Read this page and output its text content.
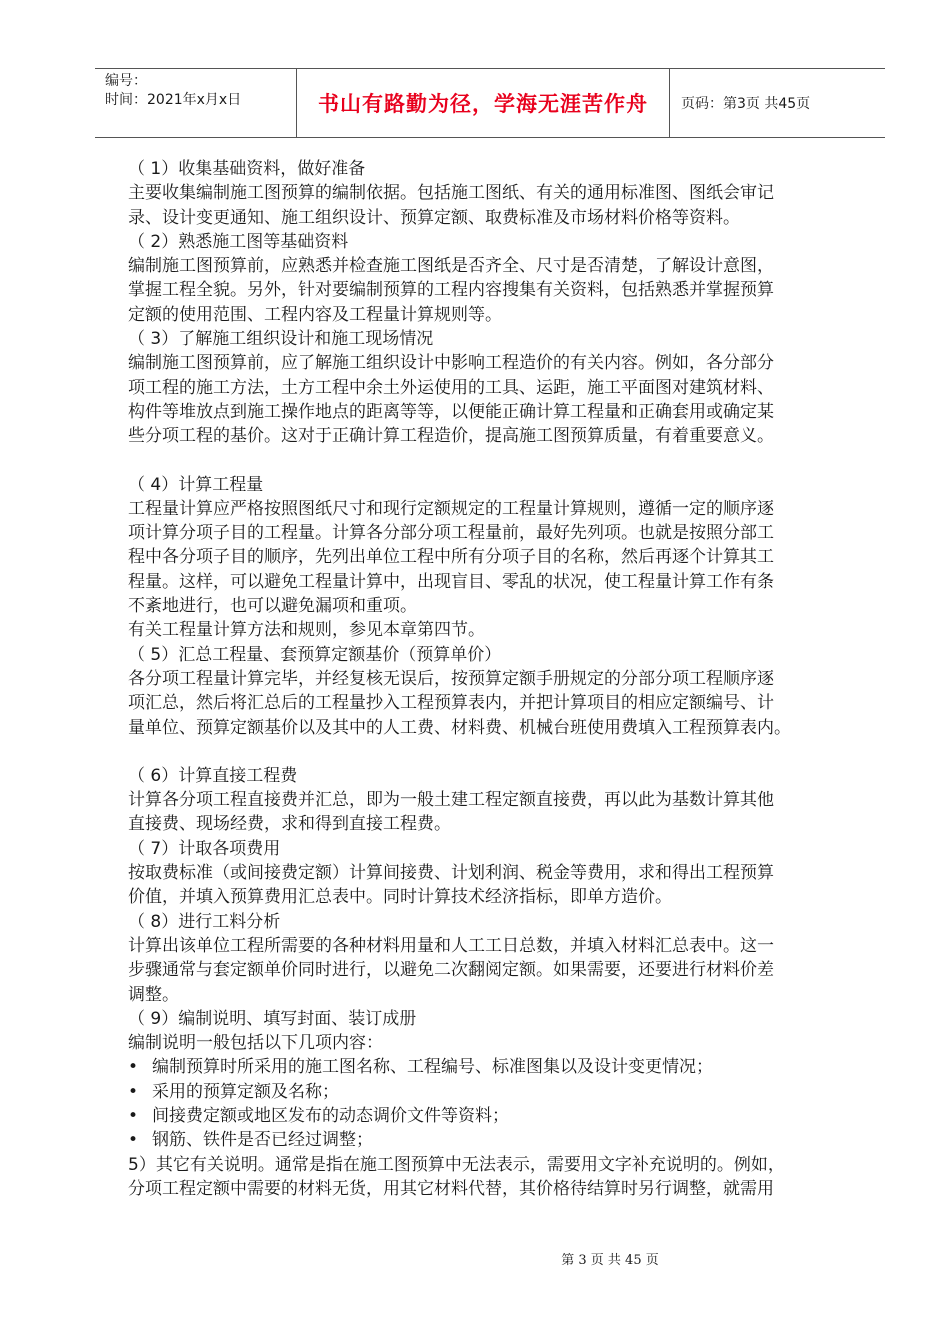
编号：
时间：2021年x月x日	书山有路勤为径，学海无涯苦作舟 页码：第3页 共45页

（ 1）收集基础资料，做好准备

主要收集编制施工图预算的编制依据。包括施工图纸、有关的通用标准图、图纸会审记

录、设计变更通知、施工组织设计、预算定额、取费标准及市场材料价格等资料。

（ 2）熟悉施工图等基础资料

编制施工图预算前，应熟悉并检查施工图纸是否齐全、尺寸是否清楚，了解设计意图，

掌握工程全貌。另外，针对要编制预算的工程内容搜集有关资料，包括熟悉并掌握预算

定额的使用范围、工程内容及工程量计算规则等。

（ 3）了解施工组织设计和施工现场情况

编制施工图预算前，应了解施工组织设计中影响工程造价的有关内容。例如，各分部分

项工程的施工方法，土方工程中余土外运使用的工具、运距，施工平面图对建筑材料、

构件等堆放点到施工操作地点的距离等等，以便能正确计算工程量和正确套用或确定某

些分项工程的基价。这对于正确计算工程造价，提高施工图预算质量，有着重要意义。

（ 4）计算工程量

工程量计算应严格按照图纸尺寸和现行定额规定的工程量计算规则，遵循一定的顺序逐

项计算分项子目的工程量。计算各分部分项工程量前，最好先列项。也就是按照分部工

程中各分项子目的顺序，先列出单位工程中所有分项子目的名称，然后再逐个计算其工

程量。这样，可以避免工程量计算中，出现盲目、零乱的状况，使工程量计算工作有条

不紊地进行，也可以避免漏项和重项。

有关工程量计算方法和规则，参见本章第四节。

（ 5）汇总工程量、套预算定额基价（预算单价）

各分项工程量计算完毕，并经复核无误后，按预算定额手册规定的分部分项工程顺序逐

项汇总，然后将汇总后的工程量抄入工程预算表内，并把计算项目的相应定额编号、计

量单位、预算定额基价以及其中的人工费、材料费、机械台班使用费填入工程预算表内。

（ 6）计算直接工程费

计算各分项工程直接费并汇总，即为一般土建工程定额直接费，再以此为基数计算其他

直接费、现场经费，求和得到直接工程费。

（ 7）计取各项费用

按取费标准（或间接费定额）计算间接费、计划利润、税金等费用，求和得出工程预算

价值，并填入预算费用汇总表中。同时计算技术经济指标，即单方造价。

（ 8）进行工料分析

计算出该单位工程所需要的各种材料用量和人工工日总数，并填入材料汇总表中。这一

步骤通常与套定额单价同时进行，以避免二次翻阅定额。如果需要，还要进行材料价差

调整。

（ 9）编制说明、填写封面、装订成册

编制说明一般包括以下几项内容：

• 编制预算时所采用的施工图名称、工程编号、标准图集以及设计变更情况；

• 采用的预算定额及名称；

• 间接费定额或地区发布的动态调价文件等资料；

• 钢筋、铁件是否已经过调整；

5）其它有关说明。通常是指在施工图预算中无法表示，需要用文字补充说明的。例如，

分项工程定额中需要的材料无货，用其它材料代替，其价格待结算时另行调整，就需用

第 3 页 共 45 页
